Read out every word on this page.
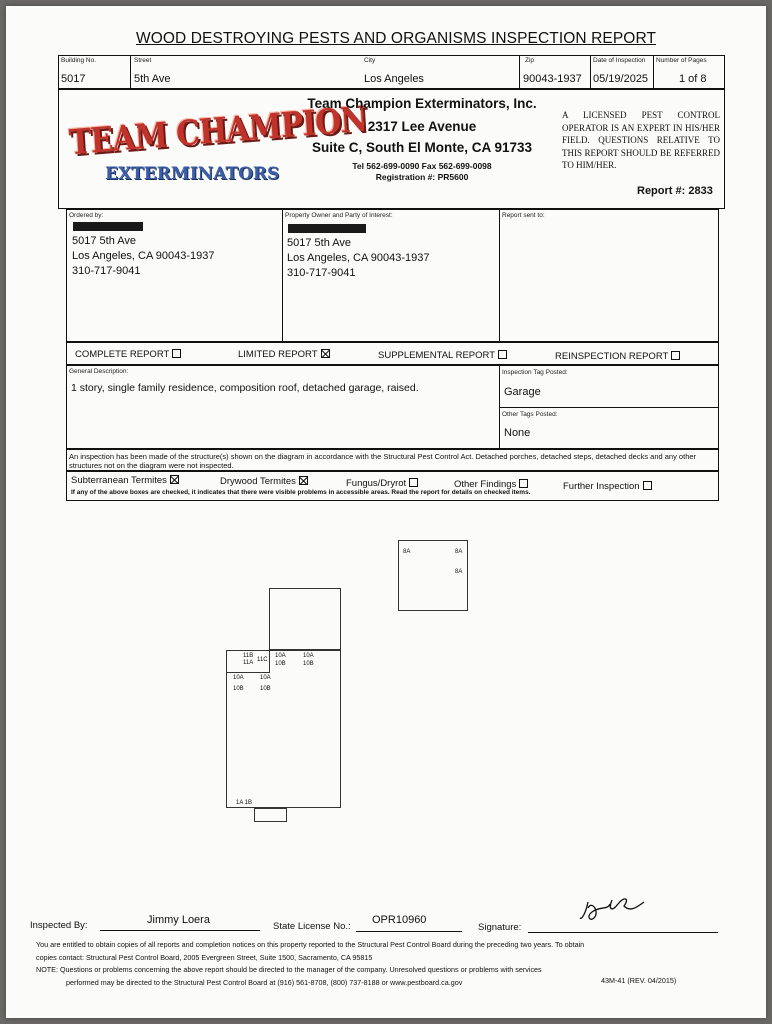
WOOD DESTROYING PESTS AND ORGANISMS INSPECTION REPORT
Building No.
5017
Street
5th Ave
City
Los Angeles
Zip
90043-1937
Date of Inspection
05/19/2025
Number of Pages
1 of 8
TEAM CHAMPION
EXTERMINATORS
Team Champion Exterminators, Inc.
2317 Lee Avenue
Suite C, South El Monte, CA 91733
Tel 562-699-0090 Fax 562-699-0098
Registration #: PR5600
A LICENSED PEST CONTROL OPERATOR IS AN EXPERT IN HIS/HER FIELD. QUESTIONS RELATIVE TO THIS REPORT SHOULD BE REFERRED TO HIM/HER.
Report #: 2833
Ordered by:
5017 5th Ave
Los Angeles, CA 90043-1937
310-717-9041
Property Owner and Party of Interest:
5017 5th Ave
Los Angeles, CA 90043-1937
310-717-9041
Report sent to:
COMPLETE REPORT	LIMITED REPORT	SUPPLEMENTAL REPORT	REINSPECTION REPORT
General Description:
1 story, single family residence, composition roof, detached garage, raised.
Inspection Tag Posted:
Garage
Other Tags Posted:
None
An inspection has been made of the structure(s) shown on the diagram in accordance with the Structural Pest Control Act. Detached porches, detached steps, detached decks and any other structures not on the diagram were not inspected.
Subterranean Termites	Drywood Termites	Fungus/Dryrot	Other Findings	Further Inspection
If any of the above boxes are checked, it indicates that there were visible problems in accessible areas. Read the report for details on checked items.
8A	8A
8A
11B
11A 11C
10A
10B
10A
10B
10A
10B
10A
10B
1A 1B
Inspected By:	Jimmy Loera
State License No.:
OPR10960
Signature:
You are entitled to obtain copies of all reports and completion notices on this property reported to the Structural Pest Control Board during the preceding two years. To obtain
copies contact: Structural Pest Control Board, 2005 Evergreen Street, Suite 1500, Sacramento, CA 95815
NOTE: Questions or problems concerning the above report should be directed to the manager of the company. Unresolved questions or problems with services
performed may be directed to the Structural Pest Control Board at (916) 561-8708, (800) 737-8188 or www.pestboard.ca.gov	43M-41 (REV. 04/2015)
